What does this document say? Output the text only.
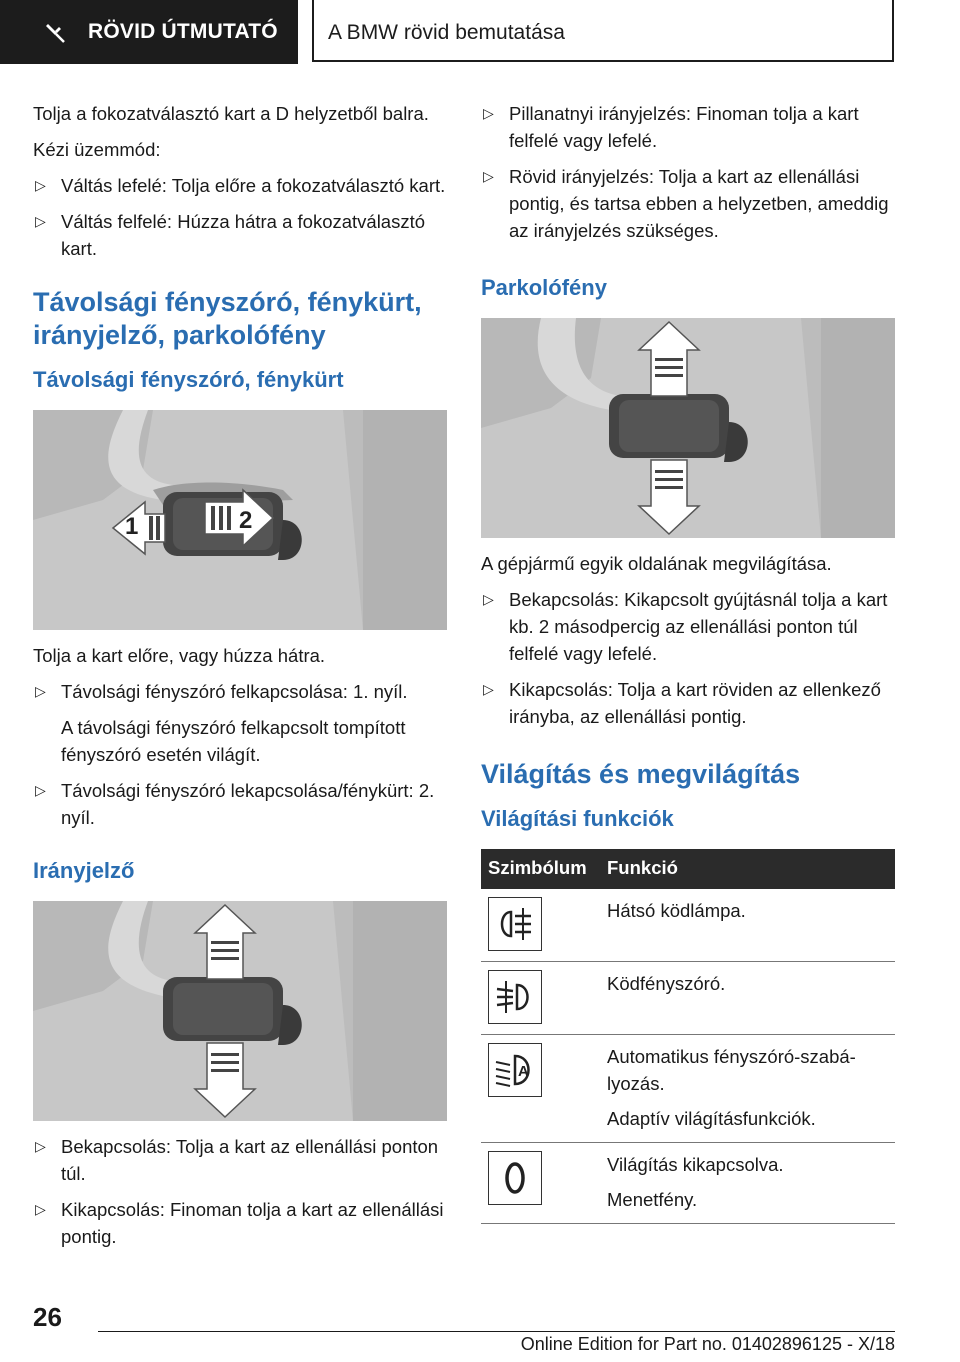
RÖVID ÚTMUTATÓ A BMW rövid bemutatása

Tolja a fokozatválasztó kart a D helyzetből balra.

Kézi üzemmód:

▷ Váltás lefelé: Tolja előre a fokozatválasztó kart.
▷ Váltás felfelé: Húzza hátra a fokozatválasztó kart.
Távolsági fényszóró, fénykürt, irányjelző, parkolófény
Távolsági fényszóró, fénykürt
1	2

Tolja a kart előre, vagy húzza hátra.

▷ Távolsági fényszóró felkapcsolása: 1. nyíl.
A távolsági fényszóró felkapcsolt tompított fényszóró esetén világít.
▷ Távolsági fényszóró lekapcsolása/fénykürt: 2. nyíl.
Irányjelző
▷ Bekapcsolás: Tolja a kart az ellenállási ponton túl.
▷ Kikapcsolás: Finoman tolja a kart az ellenállási pontig.
▷ Pillanatnyi irányjelzés: Finoman tolja a kart felfelé vagy lefelé.
▷ Rövid irányjelzés: Tolja a kart az ellenállási pontig, és tartsa ebben a helyzetben, ameddig az irányjelzés szükséges.
Parkolófény

A gépjármű egyik oldalának megvilágítása.

▷ Bekapcsolás: Kikapcsolt gyújtásnál tolja a kart kb. 2 másodpercig az ellenállási ponton túl felfelé vagy lefelé.
▷ Kikapcsolás: Tolja a kart röviden az ellenkező irányba, az ellenállási pontig.
Világítás és megvilágítás
Világítási funkciók
Szimbólum	Funkció

Hátsó ködlámpa.

Ködfényszóró.

A	Automatikus fényszóró-szabályozás.
Adaptív világításfunkciók.

Világítás kikapcsolva.
Menetfény.
26
Online Edition for Part no. 01402896125 - X/18
